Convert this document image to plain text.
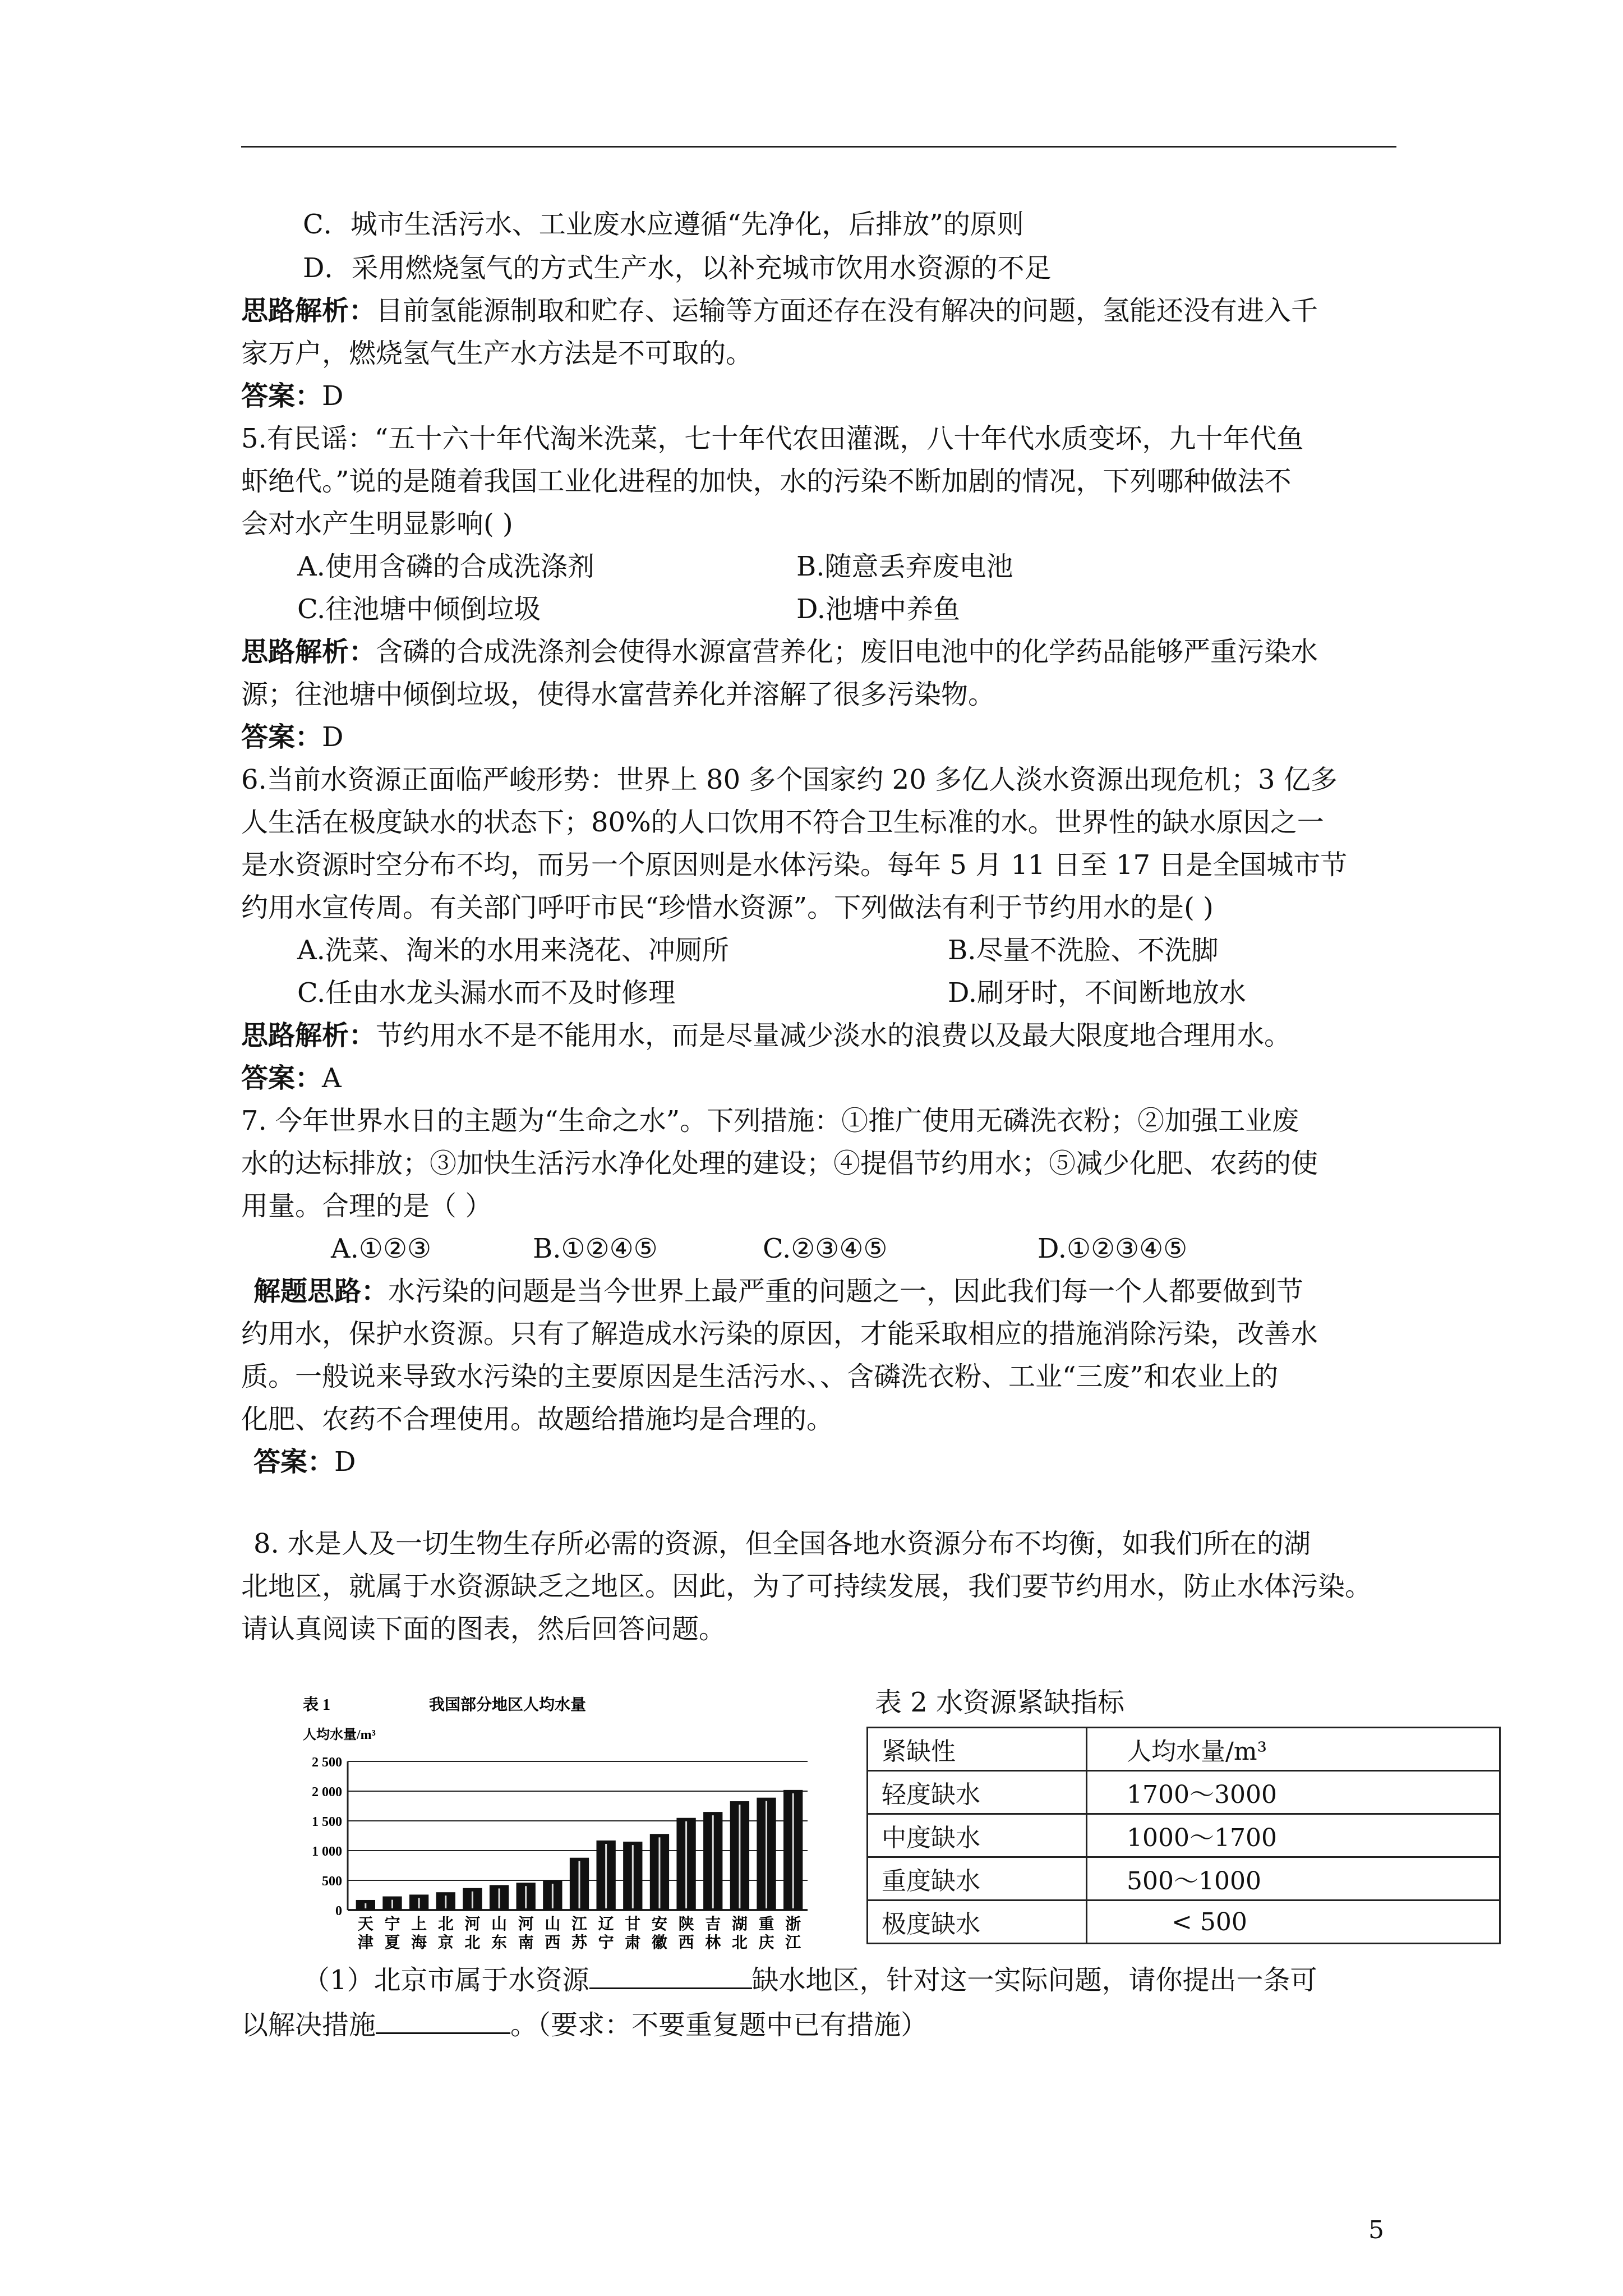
C．城市生活污水、工业废水应遵循“先净化，后排放”的原则
D．采用燃烧氢气的方式生产水，以补充城市饮用水资源的不足
思路解析：目前氢能源制取和贮存、运输等方面还存在没有解决的问题，氢能还没有进入千
家万户，燃烧氢气生产水方法是不可取的。
答案：D
5.有民谣：“五十六十年代淘米洗菜，七十年代农田灌溉，八十年代水质变坏，九十年代鱼
虾绝代。”说的是随着我国工业化进程的加快，水的污染不断加剧的情况，下列哪种做法不
会对水产生明显影响( )
A.使用含磷的合成洗涤剂	B.随意丢弃废电池
C.往池塘中倾倒垃圾	D.池塘中养鱼
思路解析：含磷的合成洗涤剂会使得水源富营养化；废旧电池中的化学药品能够严重污染水
源；往池塘中倾倒垃圾，使得水富营养化并溶解了很多污染物。
答案：D
6.当前水资源正面临严峻形势：世界上 80 多个国家约 20 多亿人淡水资源出现危机；3 亿多
人生活在极度缺水的状态下；80%的人口饮用不符合卫生标准的水。世界性的缺水原因之一
是水资源时空分布不均，而另一个原因则是水体污染。每年 5 月 11 日至 17 日是全国城市节
约用水宣传周。有关部门呼吁市民“珍惜水资源”。下列做法有利于节约用水的是( )
A.洗菜、淘米的水用来浇花、冲厕所	B.尽量不洗脸、不洗脚
C.任由水龙头漏水而不及时修理	D.刷牙时，不间断地放水
思路解析：节约用水不是不能用水，而是尽量减少淡水的浪费以及最大限度地合理用水。
答案：A
7. 今年世界水日的主题为“生命之水”。下列措施：①推广使用无磷洗衣粉；②加强工业废
水的达标排放；③加快生活污水净化处理的建设；④提倡节约用水；⑤减少化肥、农药的使
用量。合理的是（ ）
A.①②③	B.①②④⑤	C.②③④⑤	D.①②③④⑤
解题思路：水污染的问题是当今世界上最严重的问题之一，因此我们每一个人都要做到节
约用水，保护水资源。只有了解造成水污染的原因，才能采取相应的措施消除污染，改善水
质。一般说来导致水污染的主要原因是生活污水、、含磷洗衣粉、工业“三废”和农业上的
化肥、农药不合理使用。故题给措施均是合理的。
答案：D
8. 水是人及一切生物生存所必需的资源，但全国各地水资源分布不均衡，如我们所在的湖
北地区，就属于水资源缺乏之地区。因此，为了可持续发展，我们要节约用水，防止水体污染。
请认真阅读下面的图表，然后回答问题。
表 1	我国部分地区人均水量
人均水量/m³
0
500
1 000
1 500
2 000
2 500
天
津
宁
夏
上
海
北
京
河
北
山
东
河
南
山
西
江
苏
辽
宁
甘
肃
安
徽
陕
西
吉
林
湖
北
重
庆
浙
江
表 2 水资源紧缺指标
紧缺性	人均水量/m³
轻度缺水	1700～3000
中度缺水	1000～1700
重度缺水	500～1000
极度缺水	< 500
（1）北京市属于水资源	缺水地区，针对这一实际问题，请你提出一条可
以解决措施	。（要求：不要重复题中已有措施）
5
